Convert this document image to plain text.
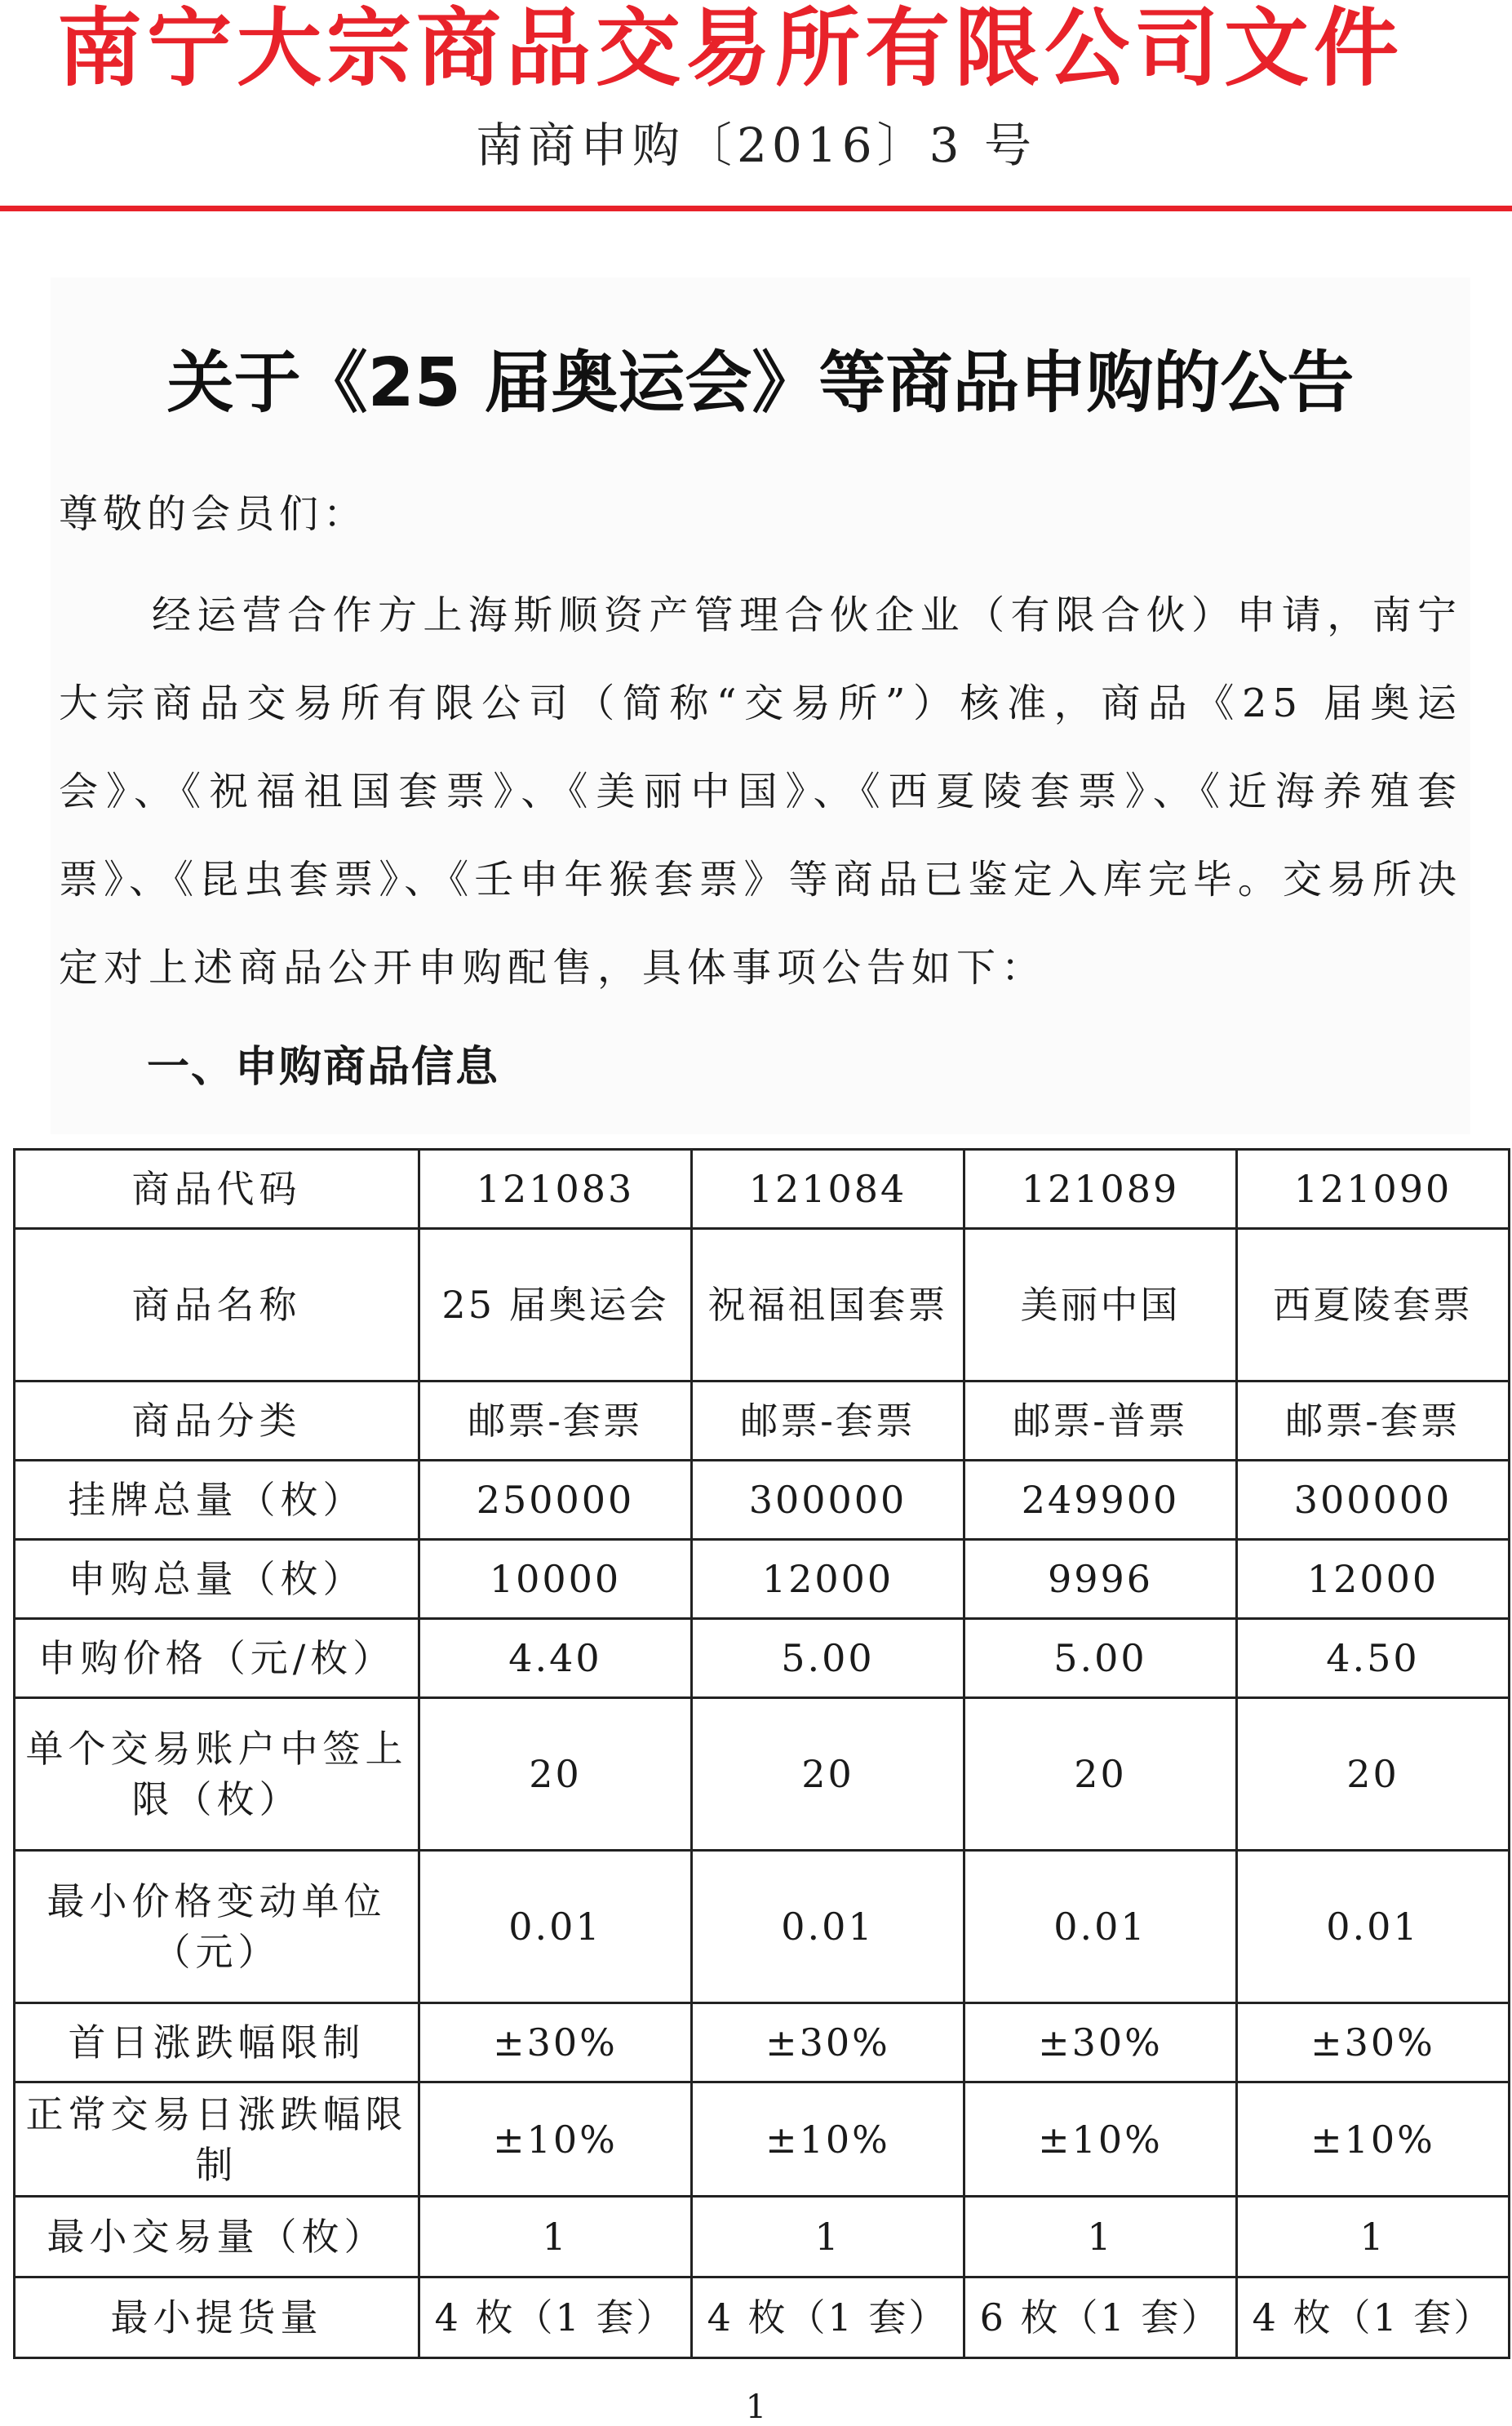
南宁大宗商品交易所有限公司文件
南商申购〔2016〕3 号
关于《25 届奥运会》等商品申购的公告
尊敬的会员们：
经运营合作方上海斯顺资产管理合伙企业（有限合伙）申请，南宁大宗商品交易所有限公司（简称“交易所”）核准，商品《25 届奥运会》、《祝福祖国套票》、《美丽中国》、《西夏陵套票》、《近海养殖套票》、《昆虫套票》、《壬申年猴套票》等商品已鉴定入库完毕。交易所决定对上述商品公开申购配售，具体事项公告如下：
一、申购商品信息
商品代码	121083	121084	121089	121090
商品名称	25 届奥运会	祝福祖国套票	美丽中国	西夏陵套票
商品分类	邮票-套票	邮票-套票	邮票-普票	邮票-套票
挂牌总量（枚）	250000	300000	249900	300000
申购总量（枚）	10000	12000	9996	12000
申购价格（元/枚）	4.40	5.00	5.00	4.50
单个交易账户中签上限（枚）	20	20	20	20
最小价格变动单位（元）	0.01	0.01	0.01	0.01
首日涨跌幅限制	±30%	±30%	±30%	±30%
正常交易日涨跌幅限制	±10%	±10%	±10%	±10%
最小交易量（枚）	1	1	1	1
最小提货量	4 枚（1 套）	4 枚（1 套）	6 枚（1 套）	4 枚（1 套）
1
